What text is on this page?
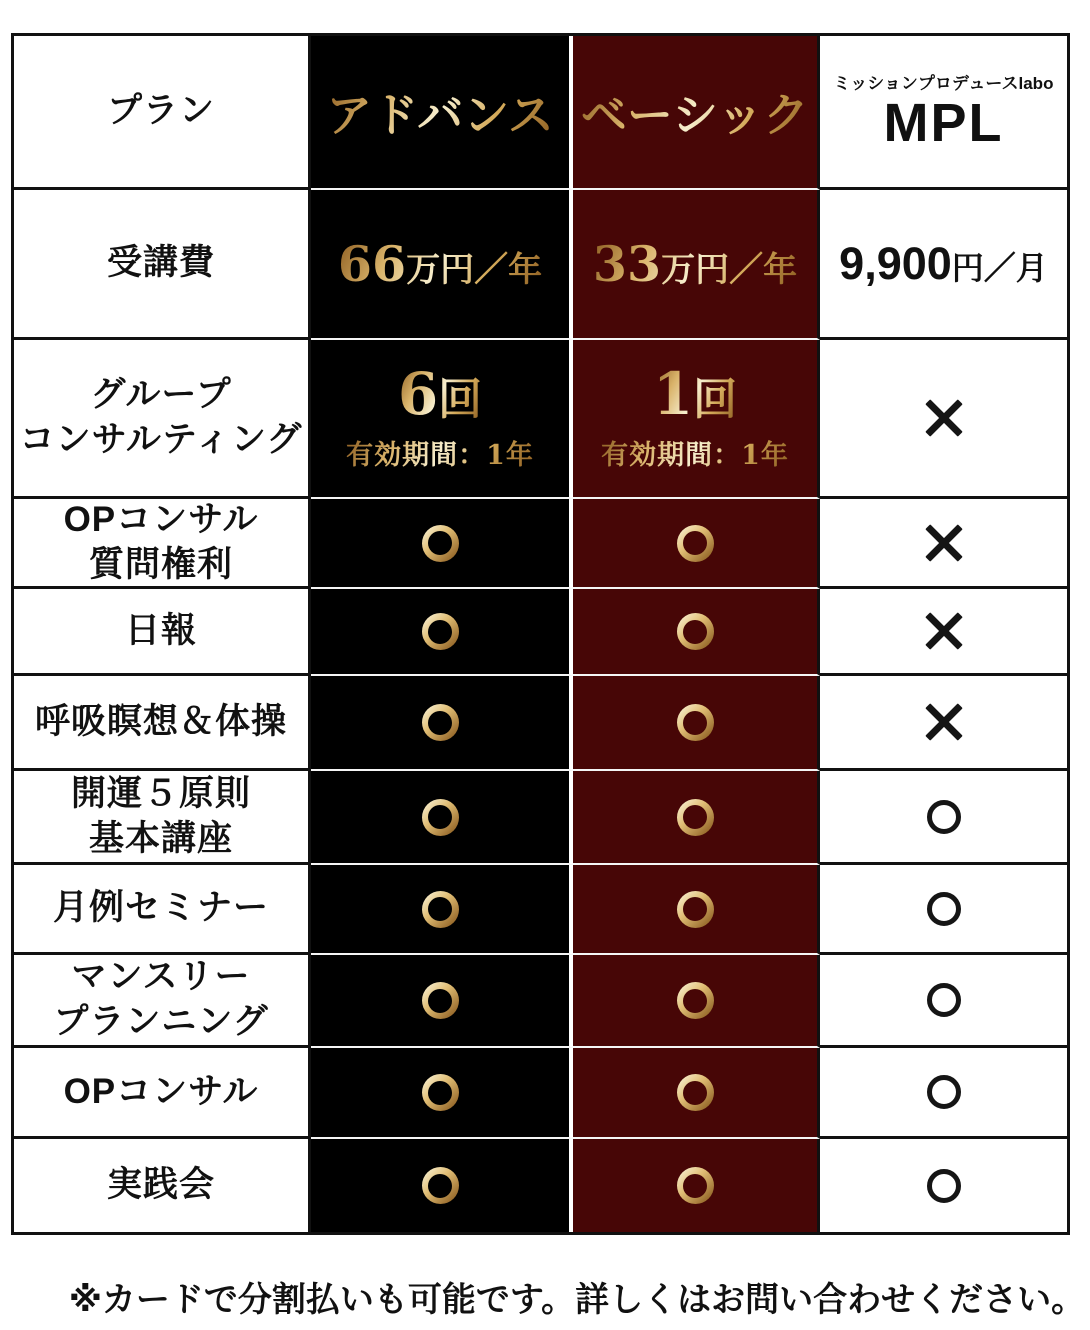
プラン アドバンス ベーシック
ミッションプロデュースlabo
MPL
受講費	66万円／年 33万円／年 9,900円／月
グループ
コンサルティング
6回
有効期間：1年
1回
有効期間：1年
OPコンサル
質問権利
日報
呼吸瞑想＆体操
開運５原則
基本講座
月例セミナー
マンスリー
プランニング
OPコンサル
実践会
※カードで分割払いも可能です。詳しくはお問い合わせください。
